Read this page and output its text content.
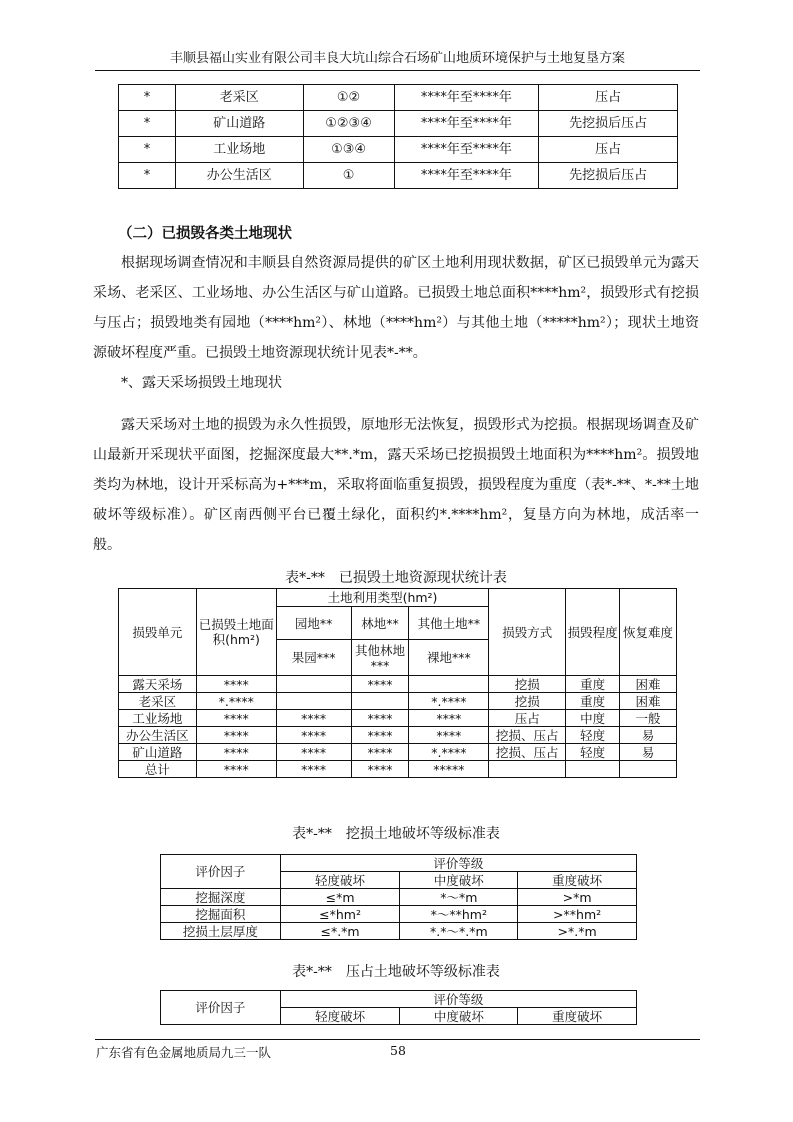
丰顺县福山实业有限公司丰良大坑山综合石场矿山地质环境保护与土地复垦方案
*	老采区	①②	****年至****年	压占
*	矿山道路	①②③④	****年至****年	先挖损后压占
*	工业场地	①③④	****年至****年	压占
*	办公生活区	①	****年至****年	先挖损后压占
（二）已损毁各类土地现状

根据现场调查情况和丰顺县自然资源局提供的矿区土地利用现状数据，矿区已损毁单元为露天采场、老采区、工业场地、办公生活区与矿山道路。已损毁土地总面积****hm²，损毁形式有挖损与压占；损毁地类有园地（****hm²）、林地（****hm²）与其他土地（*****hm²）；现状土地资源破坏程度严重。已损毁土地资源现状统计见表*-**。

*、露天采场损毁土地现状

露天采场对土地的损毁为永久性损毁，原地形无法恢复，损毁形式为挖损。根据现场调查及矿山最新开采现状平面图，挖掘深度最大**.*m，露天采场已挖损损毁土地面积为****hm²。损毁地类均为林地，设计开采标高为+***m，采取将面临重复损毁，损毁程度为重度（表*-**、*-**土地破坏等级标准）。矿区南西侧平台已覆土绿化，面积约*.****hm²，复垦方向为林地，成活率一般。

表*-**　已损毁土地资源现状统计表
损毁单元	已损毁土地面积(hm²)	土地利用类型(hm²)			损毁方式	损毁程度	恢复难度
		园地**	林地**	其他土地**			
		果园***	其他林地***	裸地***			
露天采场	****		****		挖损	重度	困难
老采区	*.****			*.****	挖损	重度	困难
工业场地	****	****	****	****	压占	中度	一般
办公生活区	****	****	****	****	挖损、压占	轻度	易
矿山道路	****	****	****	*.****	挖损、压占	轻度	易
总计	****	****	****	*****			
表*-**　挖损土地破坏等级标准表
评价因子	评价等级		
	轻度破坏	中度破坏	重度破坏
挖掘深度	≤*m	*～*m	>*m
挖掘面积	≤*hm²	*～**hm²	>**hm²
挖损土层厚度	≤*.*m	*.*～*.*m	>*.*m
表*-**　压占土地破坏等级标准表
评价因子	评价等级		
	轻度破坏	中度破坏	重度破坏
广东省有色金属地质局九三一队	58
